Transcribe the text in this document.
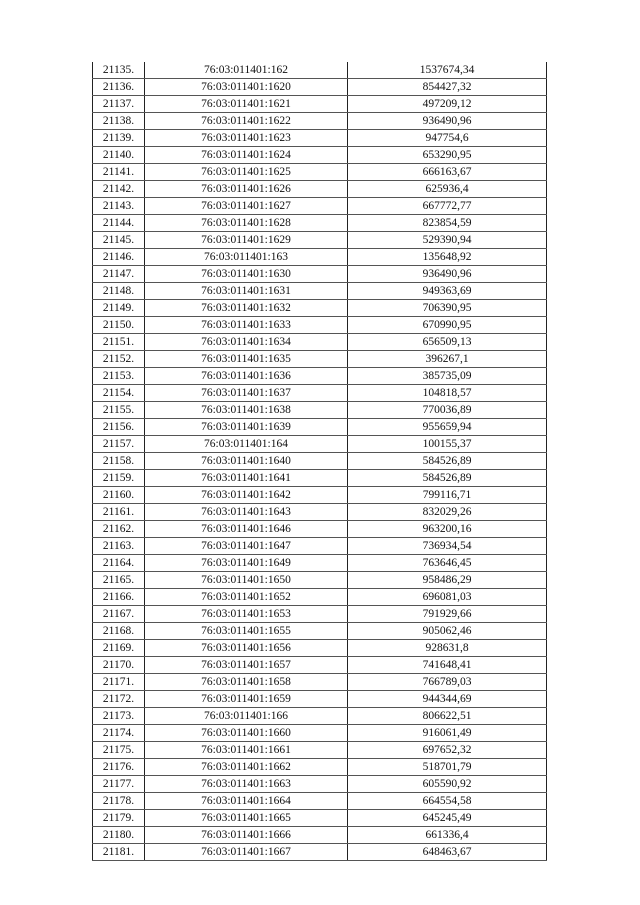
21135.	76:03:011401:162	1537674,34
21136.	76:03:011401:1620	854427,32
21137.	76:03:011401:1621	497209,12
21138.	76:03:011401:1622	936490,96
21139.	76:03:011401:1623	947754,6
21140.	76:03:011401:1624	653290,95
21141.	76:03:011401:1625	666163,67
21142.	76:03:011401:1626	625936,4
21143.	76:03:011401:1627	667772,77
21144.	76:03:011401:1628	823854,59
21145.	76:03:011401:1629	529390,94
21146.	76:03:011401:163	135648,92
21147.	76:03:011401:1630	936490,96
21148.	76:03:011401:1631	949363,69
21149.	76:03:011401:1632	706390,95
21150.	76:03:011401:1633	670990,95
21151.	76:03:011401:1634	656509,13
21152.	76:03:011401:1635	396267,1
21153.	76:03:011401:1636	385735,09
21154.	76:03:011401:1637	104818,57
21155.	76:03:011401:1638	770036,89
21156.	76:03:011401:1639	955659,94
21157.	76:03:011401:164	100155,37
21158.	76:03:011401:1640	584526,89
21159.	76:03:011401:1641	584526,89
21160.	76:03:011401:1642	799116,71
21161.	76:03:011401:1643	832029,26
21162.	76:03:011401:1646	963200,16
21163.	76:03:011401:1647	736934,54
21164.	76:03:011401:1649	763646,45
21165.	76:03:011401:1650	958486,29
21166.	76:03:011401:1652	696081,03
21167.	76:03:011401:1653	791929,66
21168.	76:03:011401:1655	905062,46
21169.	76:03:011401:1656	928631,8
21170.	76:03:011401:1657	741648,41
21171.	76:03:011401:1658	766789,03
21172.	76:03:011401:1659	944344,69
21173.	76:03:011401:166	806622,51
21174.	76:03:011401:1660	916061,49
21175.	76:03:011401:1661	697652,32
21176.	76:03:011401:1662	518701,79
21177.	76:03:011401:1663	605590,92
21178.	76:03:011401:1664	664554,58
21179.	76:03:011401:1665	645245,49
21180.	76:03:011401:1666	661336,4
21181.	76:03:011401:1667	648463,67
